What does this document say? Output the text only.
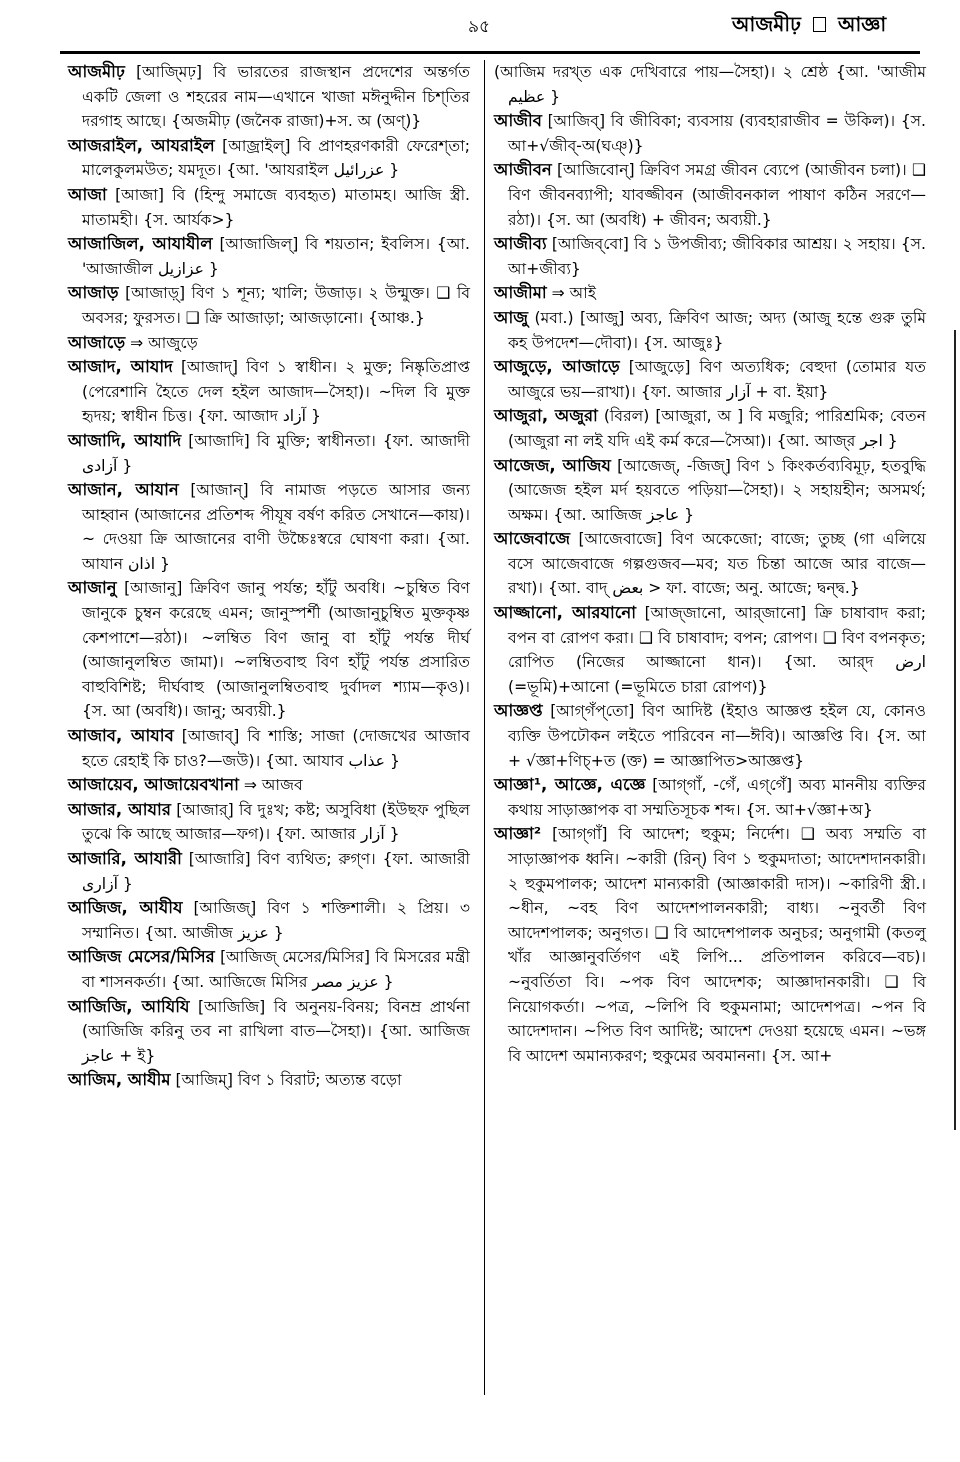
৯৫	আজমীঢ় আজ্ঞা

আজমীঢ় [আজ্মিঢ়] বি ভারতের রাজস্থান প্রদেশের অন্তর্গত একটি জেলা ও শহরের নাম—এখানে খাজা মঈনুদ্দীন চিশ্‌তির দরগাহ আছে। {অজমীঢ় (জনৈক রাজা)+স. অ (অণ্)}

আজরাইল, আযরাইল [আজ্রাইল্] বি প্রাণহরণকারী ফেরেশ্‌তা; মালেকুলমউত; যমদূত। {আ. 'আযরাইল عزرائيل }

আজা [আজা] বি (হিন্দু সমাজে ব্যবহৃত) মাতামহ। আজি স্ত্রী. মাতামহী। {স. আর্যক>}

আজাজিল, আযাযীল [আজাজিল্] বি শয়তান; ইবলিস। {আ. 'আজাজীল عزازيل }

আজাড় [আজাড়্] বিণ ১ শূন্য; খালি; উজাড়। ২ উন্মুক্ত। ❑ বি অবসর; ফুরসত। ❑ ক্রি আজাড়া; আজড়ানো। {আঞ্চ.}

আজাড়ে ⇒ আজুড়ে

আজাদ, আযাদ [আজাদ্] বিণ ১ স্বাধীন। ২ মুক্ত; নিষ্কৃতিপ্রাপ্ত (পেরেশানি হৈতে দেল হইল আজাদ—সৈহা)। ~দিল বি মুক্ত হৃদয়; স্বাধীন চিত্ত। {ফা. আজাদ آزاد }

আজাদি, আযাদি [আজাদি] বি মুক্তি; স্বাধীনতা। {ফা. আজাদী آزادی }

আজান, আযান [আজান্] বি নামাজ পড়তে আসার জন্য আহ্বান (আজানের প্রতিশব্দ পীযূষ বর্ষণ করিত সেখানে—কায়)। ~ দেওয়া ক্রি আজানের বাণী উচ্চৈঃস্বরে ঘোষণা করা। {আ. আযান اذان }

আজানু [আজানু] ক্রিবিণ জানু পর্যন্ত; হাঁটু অবধি। ~চুম্বিত বিণ জানুকে চুম্বন করেছে এমন; জানুস্পর্শী (আজানুচুম্বিত মুক্তকৃষ্ণ কেশপাশে—রঠা)। ~লম্বিত বিণ জানু বা হাঁটু পর্যন্ত দীর্ঘ (আজানুলম্বিত জামা)। ~লম্বিতবাহু বিণ হাঁটু পর্যন্ত প্রসারিত বাহুবিশিষ্ট; দীর্ঘবাহু (আজানুলম্বিতবাহু দুর্বাদল শ্যাম—কৃও)। {স. আ (অবধি)। জানু; অব্যয়ী.}

আজাব, আযাব [আজাব্] বি শাস্তি; সাজা (দোজখের আজাব হতে রেহাই কি চাও?—জউ)। {আ. আযাব عذاب }

আজায়েব, আজায়েবখানা ⇒ আজব

আজার, আযার [আজার্] বি দুঃখ; কষ্ট; অসুবিধা (ইউছফ পুছিল তুঝে কি আছে আজার—ফগ)। {ফা. আজার آزار }

আজারি, আযারী [আজারি] বিণ ব্যথিত; রুগ্ণ। {ফা. আজারী آزاری }

আজিজ, আযীয [আজিজ্] বিণ ১ শক্তিশালী। ২ প্রিয়। ৩ সম্মানিত। {আ. আজীজ عزيز }

আজিজ মেসের/মিসির [আজিজ্ মেসের/মিসির] বি মিসরের মন্ত্রী বা শাসনকর্তা। {আ. আজিজে মিসির عزيز مصر }

আজিজি, আযিযি [আজিজি] বি অনুনয়-বিনয়; বিনম্র প্রার্থনা (আজিজি করিনু তব না রাখিলা বাত—সৈহা)। {আ. আজিজ عاجز + ই}

আজিম, আযীম [আজিম্] বিণ ১ বিরাট; অত্যন্ত বড়ো

(আজিম দরখ্ত এক দেখিবারে পায়—সৈহা)। ২ শ্রেষ্ঠ {আ. 'আজীম عظيم }

আজীব [আজিব্] বি জীবিকা; ব্যবসায় (ব্যবহারাজীব = উকিল)। {স. আ+√জীব্-অ(ঘঞ্)}

আজীবন [আজিবোন্] ক্রিবিণ সমগ্র জীবন ব্যেপে (আজীবন চলা)। ❑ বিণ জীবনব্যাপী; যাবজ্জীবন (আজীবনকাল পাষাণ কঠিন সরণে—রঠা)। {স. আ (অবধি) + জীবন; অব্যয়ী.}

আজীব্য [আজিব্‌বো] বি ১ উপজীব্য; জীবিকার আশ্রয়। ২ সহায়। {স. আ+জীব্য}

আজীমা ⇒ আই

আজু (মবা.) [আজু] অব্য, ক্রিবিণ আজ; অদ্য (আজু হন্তে গুরু তুমি কহ উপদেশ—দৌবা)। {স. আজুঃ}

আজুড়ে, আজাড়ে [আজুড়ে] বিণ অত্যধিক; বেহুদা (তোমার যত আজুরে ভয়—রাখা)। {ফা. আজার آزار + বা. ইয়া}

আজুরা, অজুরা (বিরল) [আজুরা, অ ] বি মজুরি; পারিশ্রমিক; বেতন (আজুরা না লই যদি এই কর্ম করে—সৈআ)। {আ. আজ্‌র اجر }

আজেজ, আজিয [আজেজ্, -জিজ্] বিণ ১ কিংকর্তব্যবিমূঢ়, হতবুদ্ধি (আজেজ হইল মর্দ হয়বতে পড়িয়া—সৈহা)। ২ সহায়হীন; অসমর্থ; অক্ষম। {আ. আজিজ عاجز }

আজেবাজে [আজেবাজে] বিণ অকেজো; বাজে; তুচ্ছ (গা এলিয়ে বসে আজেবাজে গল্পগুজব—মব; যত চিন্তা আজে আর বাজে—রখা)। {আ. বাদ্ بعض > ফা. বাজে; অনু. আজে; দ্বন্দ্ব.}

আজ্জানো, আরযানো [আজ্‌জানো, আর্‌জানো] ক্রি চাষাবাদ করা; বপন বা রোপণ করা। ❑ বি চাষাবাদ; বপন; রোপণ। ❑ বিণ বপনকৃত; রোপিত (নিজের আজ্জানো ধান)। {আ. আর্‌দ ارض (=ভূমি)+আনো (=ভূমিতে চারা রোপণ)}

আজ্ঞপ্ত [আগ্‌গঁপ্‌তো] বিণ আদিষ্ট (ইহাও আজ্ঞপ্ত হইল যে, কোনও ব্যক্তি উপঢৌকন লইতে পারিবেন না—ঈবি)। আজ্ঞপ্তি বি। {স. আ + √জ্ঞা+ণিচ্+ত (ক্ত) = আজ্ঞাপিত>আজ্ঞপ্ত}

আজ্ঞা¹, আজ্ঞে, এজ্ঞে [আগ্‌গাঁ, -গেঁ, এগ্‌গেঁ] অব্য মাননীয় ব্যক্তির কথায় সাড়াজ্ঞাপক বা সম্মতিসূচক শব্দ। {স. আ+√জ্ঞা+অ}

আজ্ঞা² [আগ্‌গাঁ] বি আদেশ; হুকুম; নির্দেশ। ❑ অব্য সম্মতি বা সাড়াজ্ঞাপক ধ্বনি। ~কারী (রিন্) বিণ ১ হুকুমদাতা; আদেশদানকারী। ২ হুকুমপালক; আদেশ মান্যকারী (আজ্ঞাকারী দাস)। ~কারিণী স্ত্রী.। ~ধীন, ~বহ বিণ আদেশপালনকারী; বাধ্য। ~নুবর্তী বিণ আদেশপালক; অনুগত। ❑ বি আদেশপালক অনুচর; অনুগামী (কতলু খাঁর আজ্ঞানুবর্তিগণ এই লিপি... প্রতিপালন করিবে—বচ)। ~নুবর্তিতা বি। ~পক বিণ আদেশক; আজ্ঞাদানকারী। ❑ বি নিয়োগকর্তা। ~পত্র, ~লিপি বি হুকুমনামা; আদেশপত্র। ~পন বি আদেশদান। ~পিত বিণ আদিষ্ট; আদেশ দেওয়া হয়েছে এমন। ~ভঙ্গ বি আদেশ অমান্যকরণ; হুকুমের অবমাননা। {স. আ+
